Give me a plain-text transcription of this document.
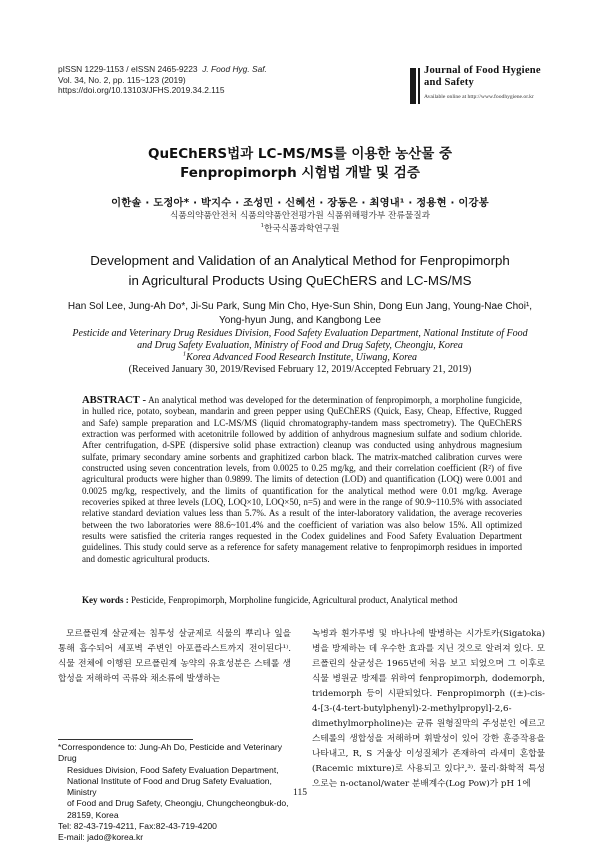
pISSN 1229-1153 / eISSN 2465-9223 J. Food Hyg. Saf.
Vol. 34, No. 2, pp. 115~123 (2019)
https://doi.org/10.13103/JFHS.2019.34.2.115
Journal of Food Hygiene
and Safety
Available online at http://www.foodhygiene.or.kr
QuEChERS법과 LC-MS/MS를 이용한 농산물 중
Fenpropimorph 시험법 개발 및 검증
이한솔 · 도정아* · 박지수 · 조성민 · 신혜선 · 장동은 · 최영내¹ · 정용현 · 이강봉
식품의약품안전처 식품의약품안전평가원 식품위해평가부 잔류물질과
$^1$한국식품과학연구원
Development and Validation of an Analytical Method for Fenpropimorph
in Agricultural Products Using QuEChERS and LC-MS/MS
Han Sol Lee, Jung-Ah Do*, Ji-Su Park, Sung Min Cho, Hye-Sun Shin, Dong Eun Jang, Young-Nae Choi¹,
Yong-hyun Jung, and Kangbong Lee
Pesticide and Veterinary Drug Residues Division, Food Safety Evaluation Department, National Institute of Food
and Drug Safety Evaluation, Ministry of Food and Drug Safety, Cheongju, Korea
$^1$Korea Advanced Food Research Institute, Uiwang, Korea
(Received January 30, 2019/Revised February 12, 2019/Accepted February 21, 2019)
ABSTRACT - An analytical method was developed for the determination of fenpropimorph, a morpholine fungicide, in hulled rice, potato, soybean, mandarin and green pepper using QuEChERS (Quick, Easy, Cheap, Effective, Rugged and Safe) sample preparation and LC-MS/MS (liquid chromatography-tandem mass spectrometry). The QuEChERS extraction was performed with acetonitrile followed by addition of anhydrous magnesium sulfate and sodium chloride. After centrifugation, d-SPE (dispersive solid phase extraction) cleanup was conducted using anhydrous magnesium sulfate, primary secondary amine sorbents and graphitized carbon black. The matrix-matched calibration curves were constructed using seven concentration levels, from 0.0025 to 0.25 mg/kg, and their correlation coefficient (R²) of five agricultural products were higher than 0.9899. The limits of detection (LOD) and quantification (LOQ) were 0.001 and 0.0025 mg/kg, respectively, and the limits of quantification for the analytical method were 0.01 mg/kg. Average recoveries spiked at three levels (LOQ, LOQ×10, LOQ×50, n=5) and were in the range of 90.9~110.5% with associated relative standard deviation values less than 5.7%. As a result of the inter-laboratory validation, the average recoveries between the two laboratories were 88.6~101.4% and the coefficient of variation was also below 15%. All optimized results were satisfied the criteria ranges requested in the Codex guidelines and Food Safety Evaluation Department guidelines. This study could serve as a reference for safety management relative to fenpropimorph residues in imported and domestic agricultural products.
Key words : Pesticide, Fenpropimorph, Morpholine fungicide, Agricultural product, Analytical method
모르폴린계 살균제는 침투성 살균제로 식물의 뿌리나 잎을 통해 흡수되어 세포벽 주변인 아포플라스트까지 전이된다¹⁾. 식물 전체에 이행된 모르폴린계 농약의 유효성분은 스테롤 생합성을 저해하여 곡류와 채소류에 발생하는
녹병과 흰가루병 및 바나나에 발병하는 시가토카(Sigatoka) 병을 방제하는 데 우수한 효과를 지닌 것으로 알려져 있다. 모르폴린의 살균성은 1965년에 처음 보고 되었으며 그 이후로 식물 병원균 방제를 위하여 fenpropimorph, dodemorph, tridemorph 등이 시판되었다. Fenpropimorph ((±)-cis-4-[3-(4-tert-butylphenyl)-2-methylpropyl]-2,6-dimethylmorpholine)는 균류 원형질막의 주성분인 에르고스테롤의 생합성을 저해하며 휘발성이 있어 강한 훈증작용을 나타내고, R, S 거울상 이성질체가 존재하여 라세미 혼합물(Racemic mixture)로 사용되고 있다²,³⁾. 물리·화학적 특성으로는 n-octanol/water 분배계수(Log Pow)가 pH 1에
*Correspondence to: Jung-Ah Do, Pesticide and Veterinary Drug
Residues Division, Food Safety Evaluation Department,
National Institute of Food and Drug Safety Evaluation, Ministry
of Food and Drug Safety, Cheongju, Chungcheongbuk-do,
28159, Korea
Tel: 82-43-719-4211, Fax:82-43-719-4200
E-mail: jado@korea.kr
115
